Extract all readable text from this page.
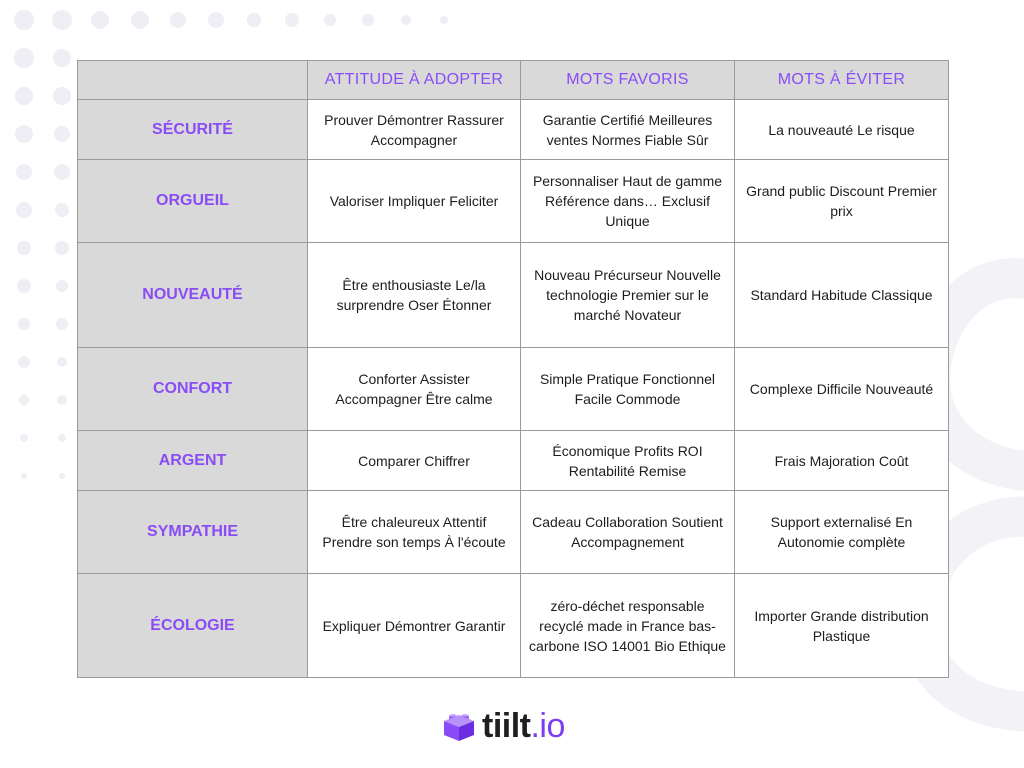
	ATTITUDE À ADOPTER	MOTS FAVORIS	MOTS À ÉVITER
SÉCURITÉ	Prouver Démontrer Rassurer Accompagner	Garantie Certifié Meilleures ventes Normes Fiable Sûr	La nouveauté Le risque
ORGUEIL	Valoriser Impliquer Feliciter	Personnaliser Haut de gamme Référence dans… Exclusif Unique	Grand public Discount Premier prix
NOUVEAUTÉ	Être enthousiaste Le/la surprendre Oser Étonner	Nouveau Précurseur Nouvelle technologie Premier sur le marché Novateur	Standard Habitude Classique
CONFORT	Conforter Assister Accompagner Être calme	Simple Pratique Fonctionnel Facile Commode	Complexe Difficile Nouveauté
ARGENT	Comparer Chiffrer	Économique Profits ROI Rentabilité Remise	Frais Majoration Coût
SYMPATHIE	Être chaleureux Attentif Prendre son temps À l'écoute	Cadeau Collaboration Soutient Accompagnement	Support externalisé En Autonomie complète
ÉCOLOGIE	Expliquer Démontrer Garantir	zéro-déchet responsable recyclé made in France bas-carbone ISO 14001 Bio Ethique	Importer Grande distribution Plastique
tiilt.io
